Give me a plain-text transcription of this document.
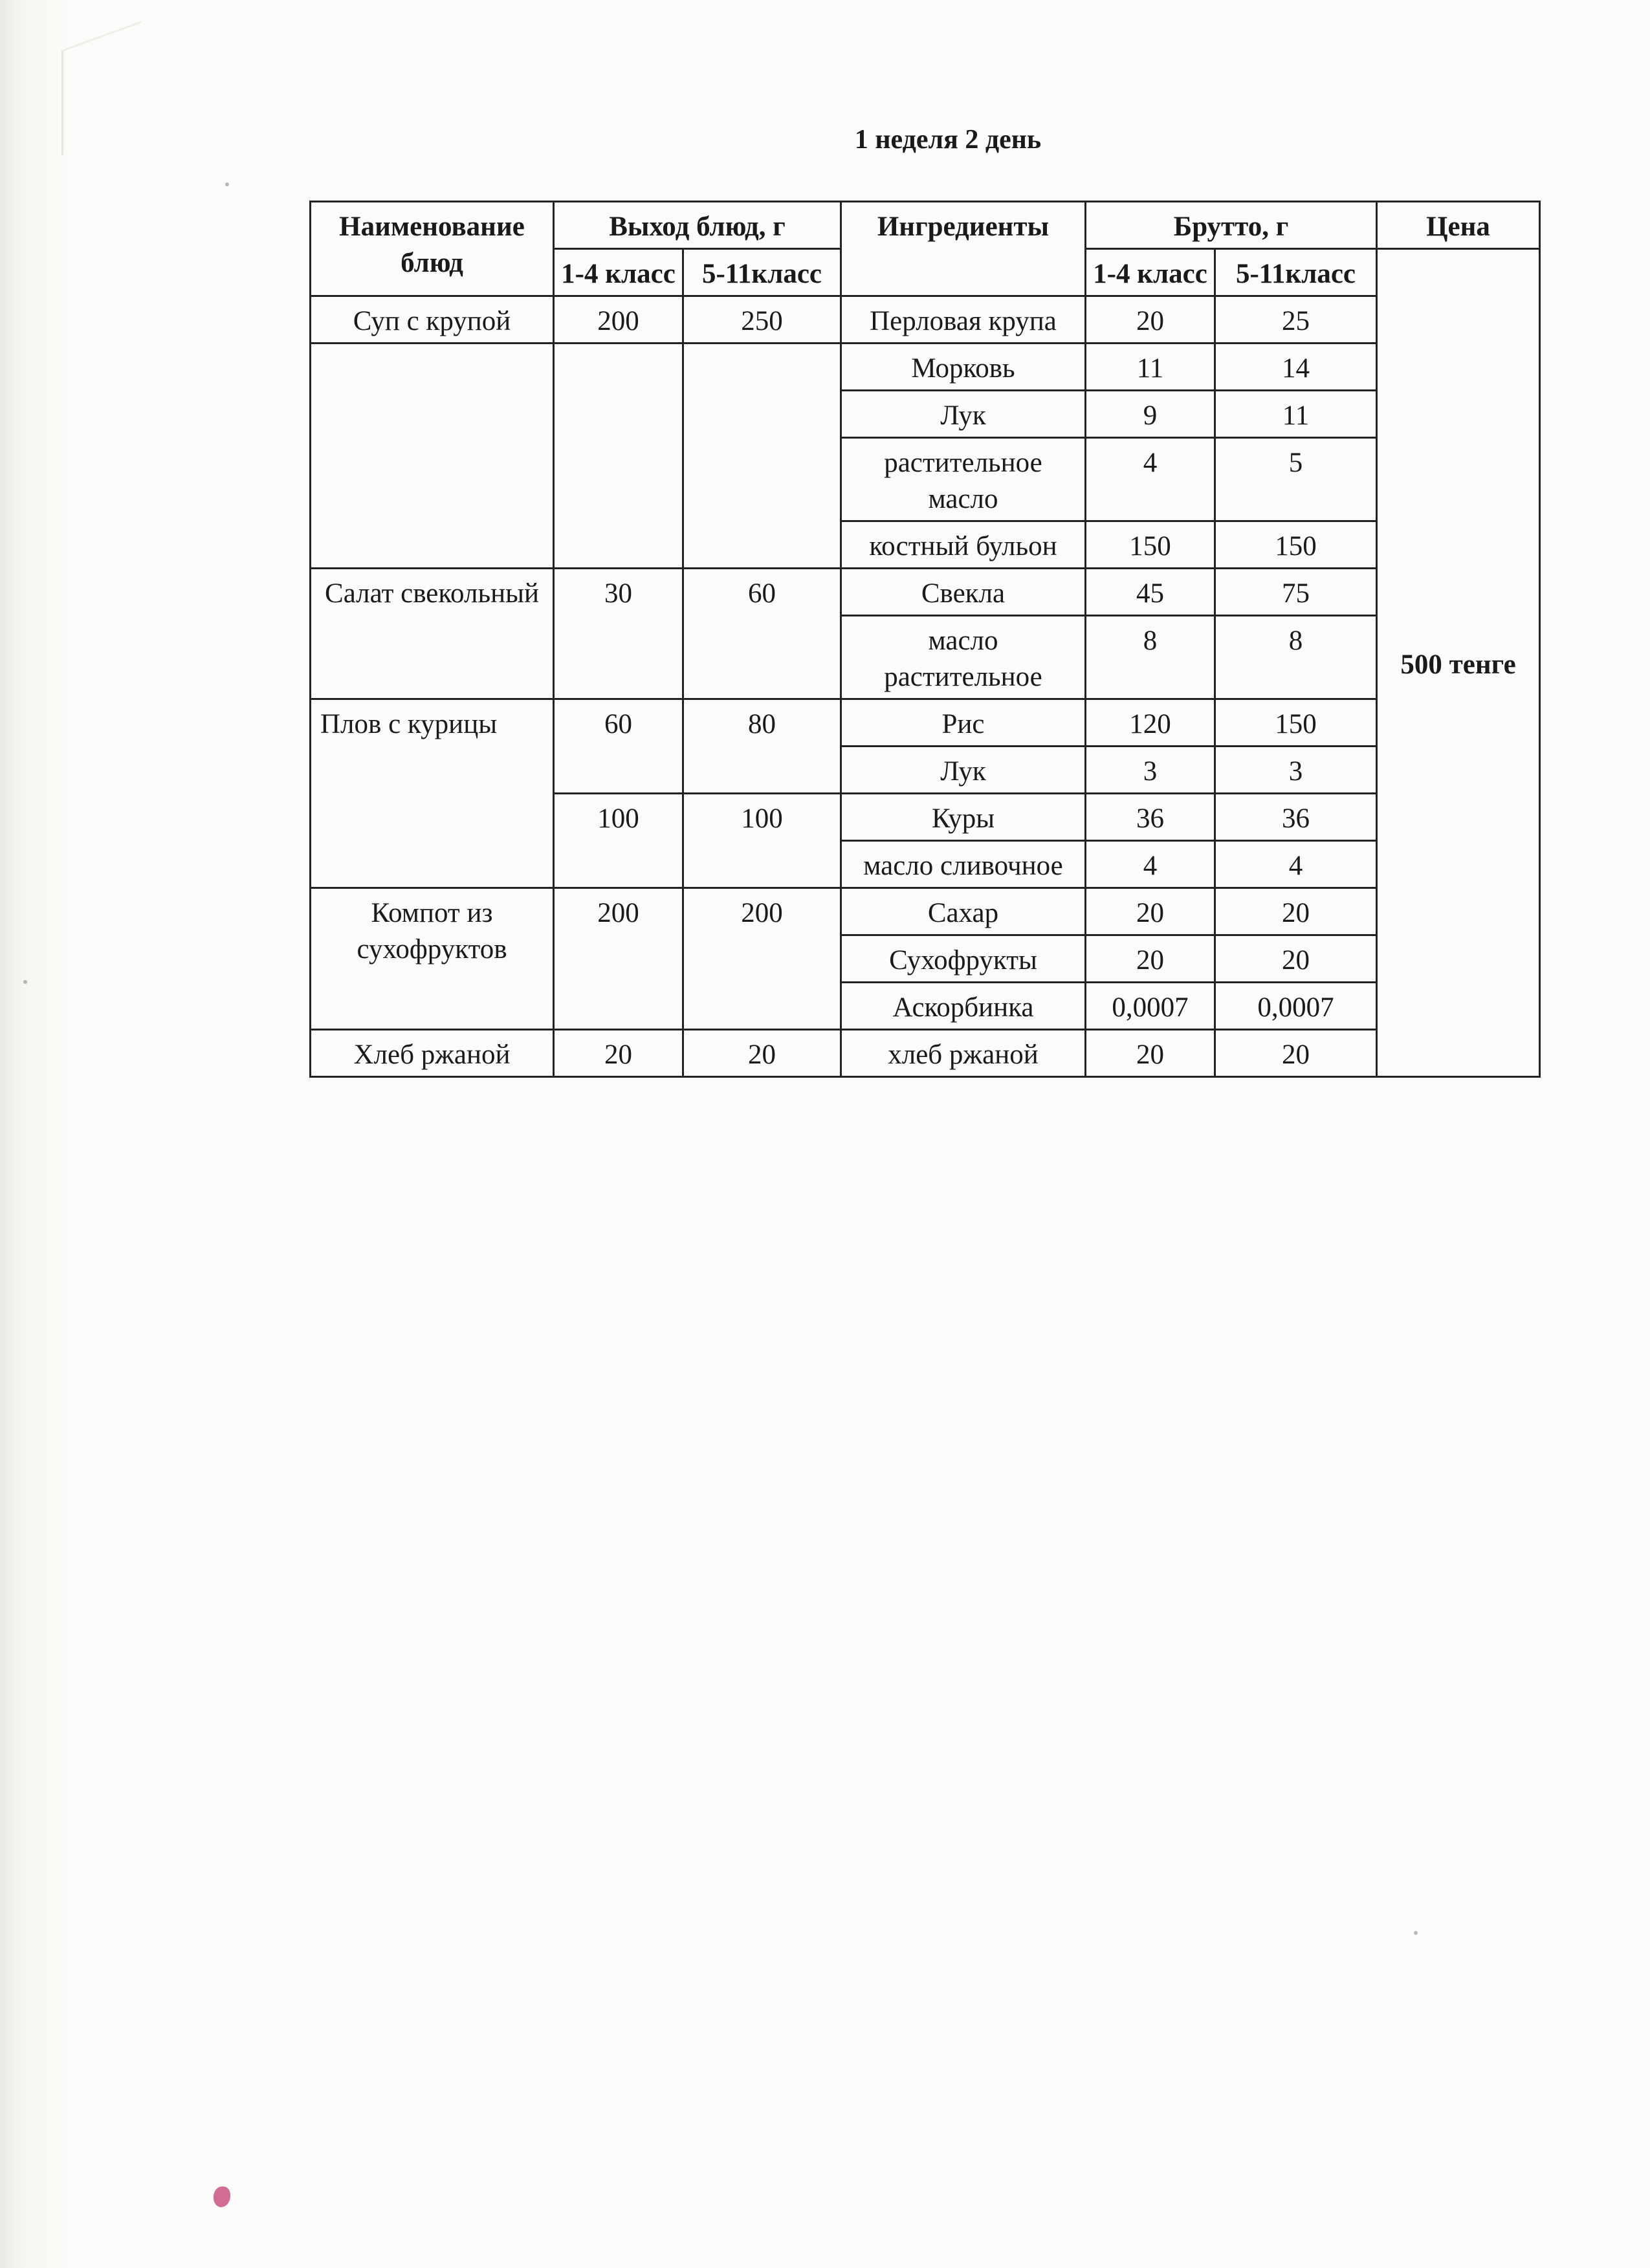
1 неделя 2 день
Наименование блюд	Выход блюд, г		Ингредиенты	Брутто, г		Цена
	1-4 класс	5-11класс		1-4 класс	5-11класс	500 тенге
Суп с крупой	200	250	Перловая крупа	20	25	
			Морковь	11	14	
			Лук	9	11	
			растительное масло	4	5	
			костный бульон	150	150	
Салат свекольный	30	60	Свекла	45	75	
			масло растительное	8	8	
Плов с курицы	60	80	Рис	120	150	
			Лук	3	3	
	100	100	Куры	36	36	
			масло сливочное	4	4	
Компот из сухофруктов	200	200	Сахар	20	20	
			Сухофрукты	20	20	
			Аскорбинка	0,0007	0,0007	
Хлеб ржаной	20	20	хлеб ржаной	20	20	
